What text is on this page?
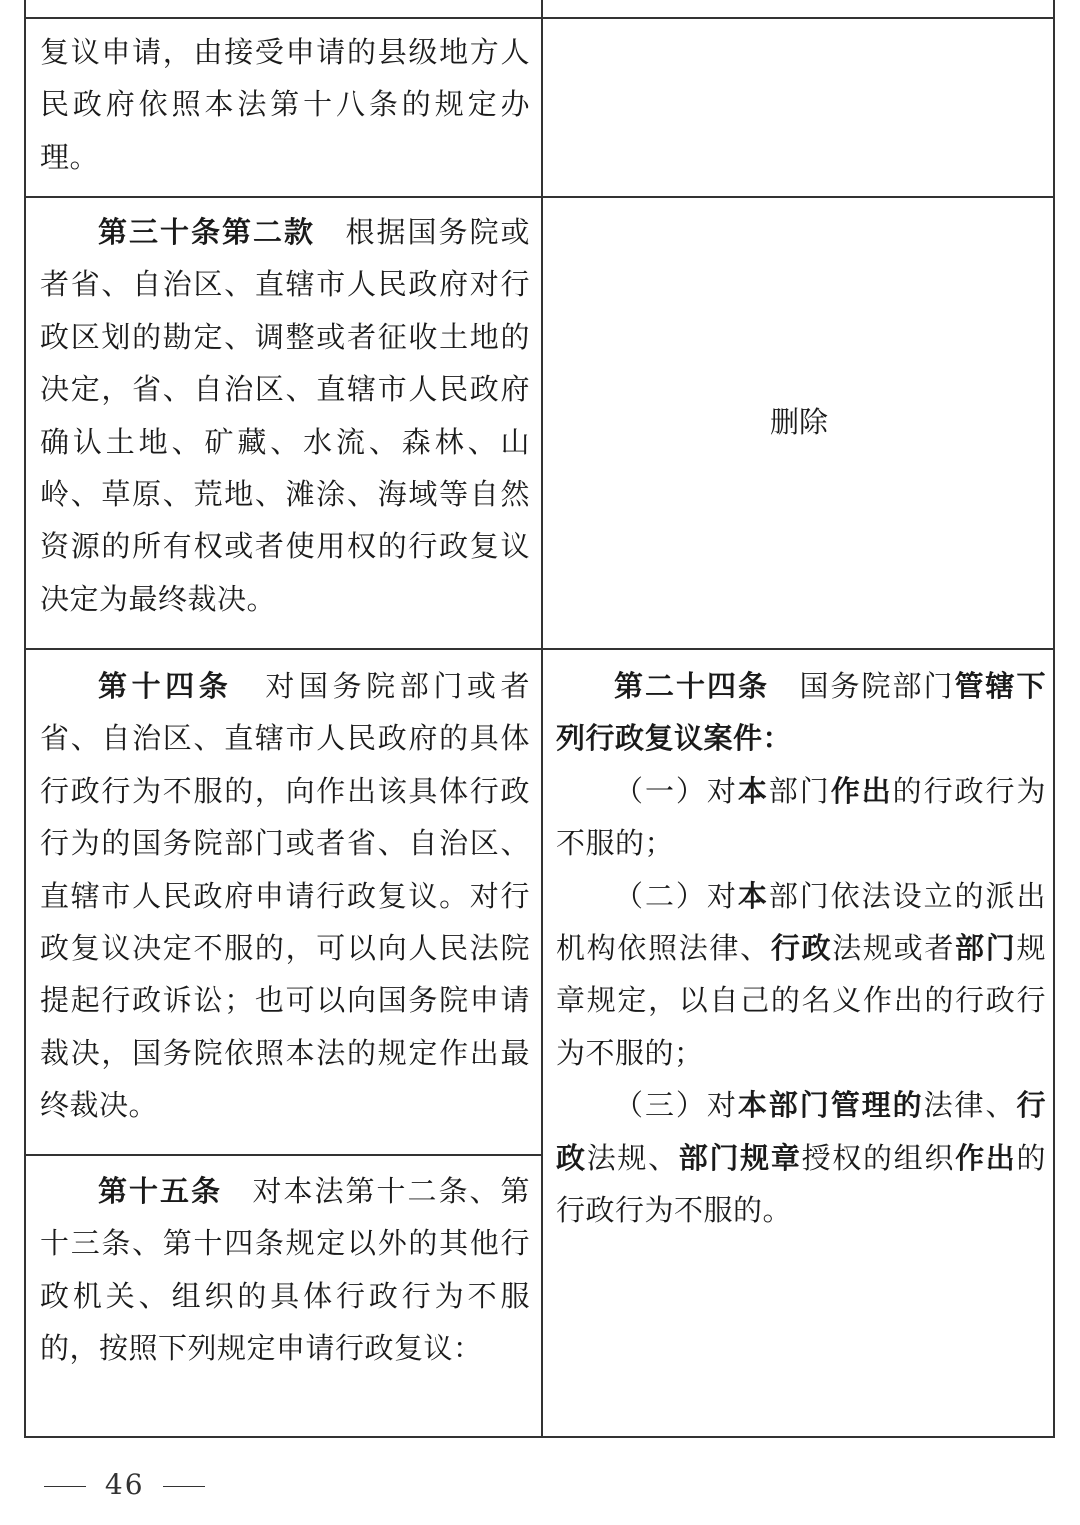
复议申请，由接受申请的县级地方人民政府依照本法第十八条的规定办理。

第三十条第二款 根据国务院或者省、自治区、直辖市人民政府对行政区划的勘定、调整或者征收土地的决定，省、自治区、直辖市人民政府确认土地、矿藏、水流、森林、山岭、草原、荒地、滩涂、海域等自然资源的所有权或者使用权的行政复议决定为最终裁决。

删除

第十四条 对国务院部门或者省、自治区、直辖市人民政府的具体行政行为不服的，向作出该具体行政行为的国务院部门或者省、自治区、直辖市人民政府申请行政复议。对行政复议决定不服的，可以向人民法院提起行政诉讼；也可以向国务院申请裁决，国务院依照本法的规定作出最终裁决。

第十五条 对本法第十二条、第十三条、第十四条规定以外的其他行政机关、组织的具体行政行为不服的，按照下列规定申请行政复议：

第二十四条 国务院部门管辖下列行政复议案件：

（一）对本部门作出的行政行为不服的；

（二）对本部门依法设立的派出机构依照法律、行政法规或者部门规章规定，以自己的名义作出的行政行为不服的；

（三）对本部门管理的法律、行政法规、部门规章授权的组织作出的行政行为不服的。

46
